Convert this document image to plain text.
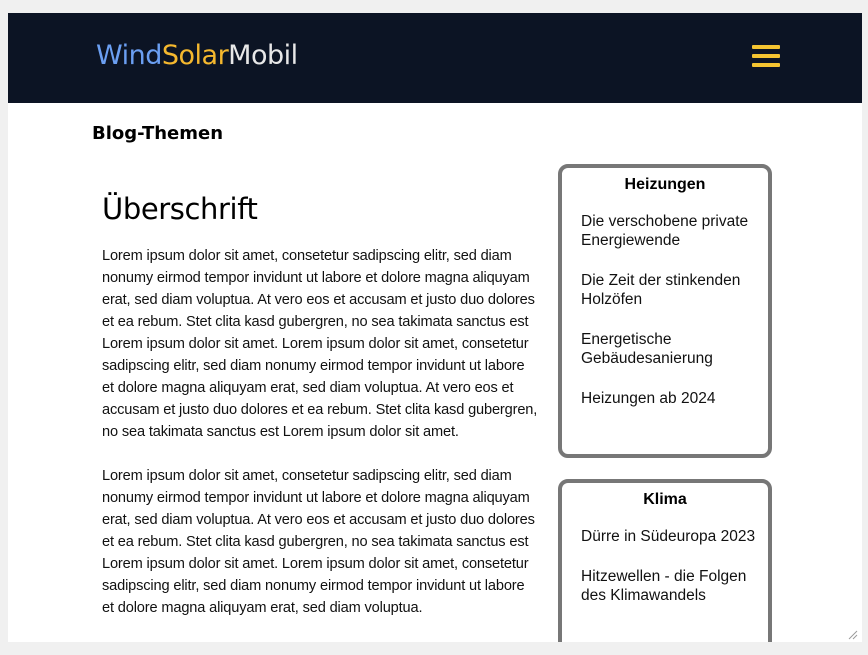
WindSolarMobil
Blog-Themen
Überschrift

Lorem ipsum dolor sit amet, consetetur sadipscing elitr, sed diam nonumy eirmod tempor invidunt ut labore et dolore magna aliquyam erat, sed diam voluptua. At vero eos et accusam et justo duo dolores et ea rebum. Stet clita kasd gubergren, no sea takimata sanctus est Lorem ipsum dolor sit amet. Lorem ipsum dolor sit amet, consetetur sadipscing elitr, sed diam nonumy eirmod tempor invidunt ut labore et dolore magna aliquyam erat, sed diam voluptua. At vero eos et accusam et justo duo dolores et ea rebum. Stet clita kasd gubergren, no sea takimata sanctus est Lorem ipsum dolor sit amet.

Lorem ipsum dolor sit amet, consetetur sadipscing elitr, sed diam nonumy eirmod tempor invidunt ut labore et dolore magna aliquyam erat, sed diam voluptua. At vero eos et accusam et justo duo dolores et ea rebum. Stet clita kasd gubergren, no sea takimata sanctus est Lorem ipsum dolor sit amet. Lorem ipsum dolor sit amet, consetetur sadipscing elitr, sed diam nonumy eirmod tempor invidunt ut labore et dolore magna aliquyam erat, sed diam voluptua.

Heizungen
Die verschobene private Energiewende
Die Zeit der stinkenden Holzöfen
Energetische Gebäudesanierung
Heizungen ab 2024
Klima
Dürre in Südeuropa 2023
Hitzewellen - die Folgen des Klimawandels
